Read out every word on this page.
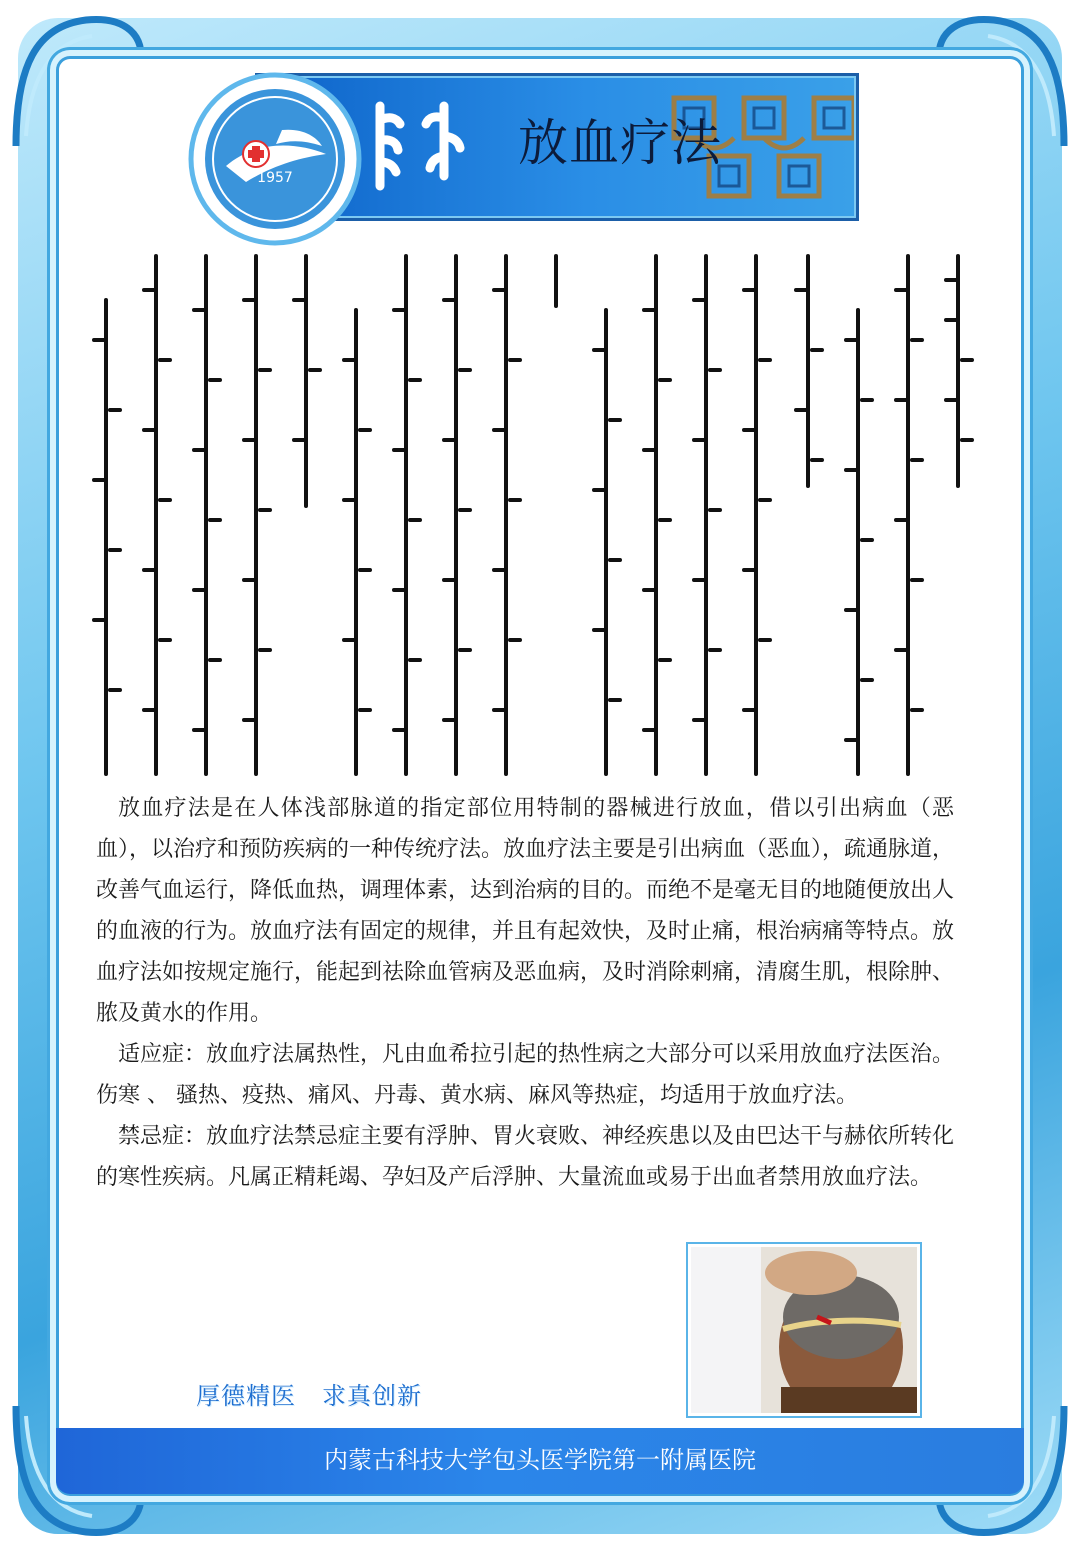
放血疗法
1957

放血疗法是在人体浅部脉道的指定部位用特制的器械进行放血，借以引出病血（恶血），以治疗和预防疾病的一种传统疗法。放血疗法主要是引出病血（恶血），疏通脉道，改善气血运行，降低血热，调理体素，达到治病的目的。而绝不是毫无目的地随便放出人的血液的行为。放血疗法有固定的规律，并且有起效快，及时止痛，根治病痛等特点。放血疗法如按规定施行，能起到祛除血管病及恶血病，及时消除刺痛，清腐生肌，根除肿、脓及黄水的作用。

适应症：放血疗法属热性，凡由血希拉引起的热性病之大部分可以采用放血疗法医治。伤寒 、 骚热、疫热、痛风、丹毒、黄水病、麻风等热症，均适用于放血疗法。

禁忌症：放血疗法禁忌症主要有浮肿、胃火衰败、神经疾患以及由巴达干与赫依所转化的寒性疾病。凡属正精耗竭、孕妇及产后浮肿、大量流血或易于出血者禁用放血疗法。

厚德精医 求真创新
内蒙古科技大学包头医学院第一附属医院
